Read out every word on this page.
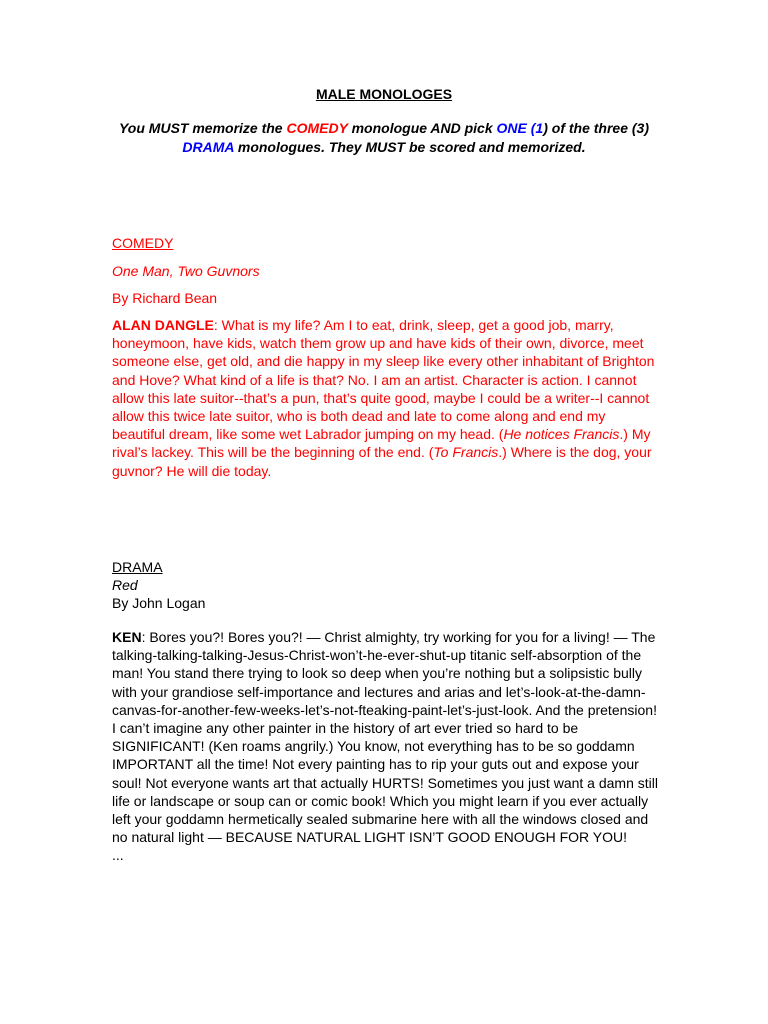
MALE MONOLOGES

You MUST memorize the COMEDY monologue AND pick ONE (1) of the three (3)
DRAMA monologues. They MUST be scored and memorized.

COMEDY
One Man, Two Guvnors
By Richard Bean

ALAN DANGLE: What is my life? Am I to eat, drink, sleep, get a good job, marry, honeymoon, have kids, watch them grow up and have kids of their own, divorce, meet someone else, get old, and die happy in my sleep like every other inhabitant of Brighton and Hove? What kind of a life is that? No. I am an artist. Character is action. I cannot allow this late suitor--that’s a pun, that’s quite good, maybe I could be a writer--I cannot allow this twice late suitor, who is both dead and late to come along and end my beautiful dream, like some wet Labrador jumping on my head. (He notices Francis.) My rival’s lackey. This will be the beginning of the end. (To Francis.) Where is the dog, your guvnor? He will die today.

DRAMA
Red
By John Logan

KEN: Bores you?! Bores you?! — Christ almighty, try working for you for a living! — The talking-talking-talking-Jesus-Christ-won’t-he-ever-shut-up titanic self-absorption of the man! You stand there trying to look so deep when you’re nothing but a solipsistic bully with your grandiose self-importance and lectures and arias and let’s-look-at-the-damn-canvas-for-another-few-weeks-let’s-not-fteaking-paint-let’s-just-look. And the pretension! I can’t imagine any other painter in the history of art ever tried so hard to be SIGNIFICANT! (Ken roams angrily.) You know, not everything has to be so goddamn IMPORTANT all the time! Not every painting has to rip your guts out and expose your soul! Not everyone wants art that actually HURTS! Sometimes you just want a damn still life or landscape or soup can or comic book! Which you might learn if you ever actually left your goddamn hermetically sealed submarine here with all the windows closed and no natural light — BECAUSE NATURAL LIGHT ISN’T GOOD ENOUGH FOR YOU!
...
